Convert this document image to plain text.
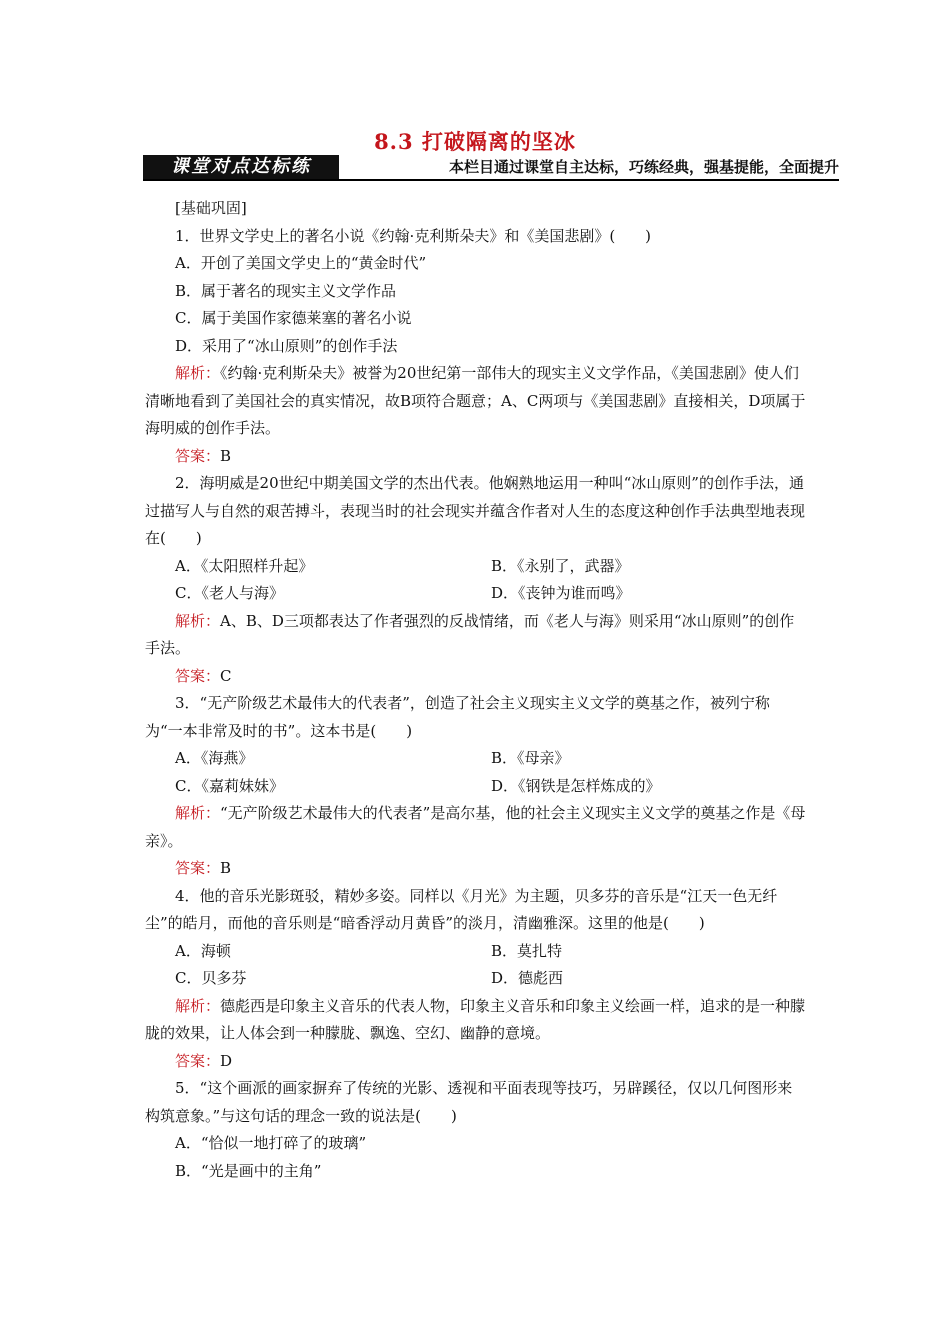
8.3 打破隔离的坚冰
课堂对点达标练	本栏目通过课堂自主达标，巧练经典，强基提能，全面提升

[基础巩固]

1．世界文学史上的著名小说《约翰·克利斯朵夫》和《美国悲剧》(　　)

A．开创了美国文学史上的“黄金时代”

B．属于著名的现实主义文学作品

C．属于美国作家德莱塞的著名小说

D．采用了“冰山原则”的创作手法

解析：《约翰·克利斯朵夫》被誉为20世纪第一部伟大的现实主义文学作品，《美国悲剧》使人们清晰地看到了美国社会的真实情况，故B项符合题意；A、C两项与《美国悲剧》直接相关，D项属于海明威的创作手法。

答案：B

2．海明威是20世纪中期美国文学的杰出代表。他娴熟地运用一种叫“冰山原则”的创作手法，通过描写人与自然的艰苦搏斗，表现当时的社会现实并蕴含作者对人生的态度这种创作手法典型地表现在(　　)

A．《太阳照样升起》	B．《永别了，武器》
C．《老人与海》	D．《丧钟为谁而鸣》

解析：A、B、D三项都表达了作者强烈的反战情绪，而《老人与海》则采用“冰山原则”的创作手法。

答案：C

3．“无产阶级艺术最伟大的代表者”，创造了社会主义现实主义文学的奠基之作，被列宁称为“一本非常及时的书”。这本书是(　　)

A．《海燕》	B．《母亲》
C．《嘉莉妹妹》	D．《钢铁是怎样炼成的》

解析：“无产阶级艺术最伟大的代表者”是高尔基，他的社会主义现实主义文学的奠基之作是《母亲》。

答案：B

4．他的音乐光影斑驳，精妙多姿。同样以《月光》为主题，贝多芬的音乐是“江天一色无纤尘”的皓月，而他的音乐则是“暗香浮动月黄昏”的淡月，清幽雅深。这里的他是(　　)

A．海顿	B．莫扎特
C．贝多芬	D．德彪西

解析：德彪西是印象主义音乐的代表人物，印象主义音乐和印象主义绘画一样，追求的是一种朦胧的效果，让人体会到一种朦胧、飘逸、空幻、幽静的意境。

答案：D

5．“这个画派的画家摒弃了传统的光影、透视和平面表现等技巧，另辟蹊径，仅以几何图形来构筑意象。”与这句话的理念一致的说法是(　　)

A．“恰似一地打碎了的玻璃”

B．“光是画中的主角”
